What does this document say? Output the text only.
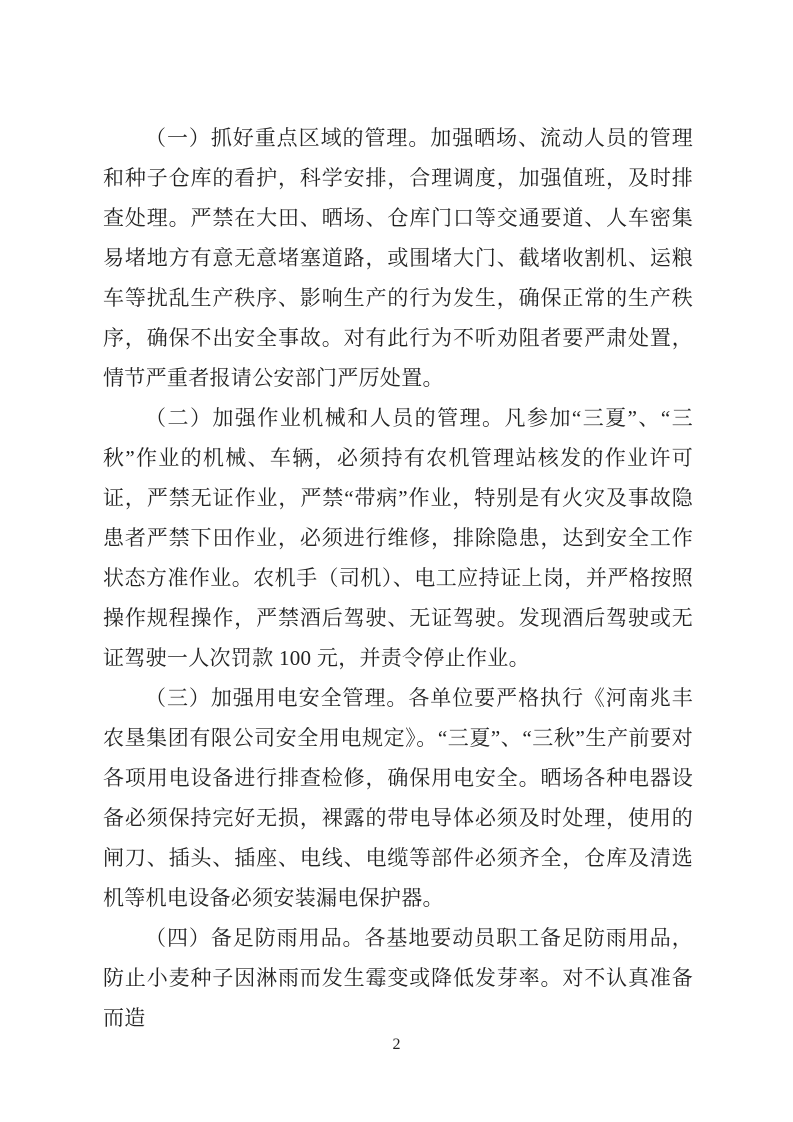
（一）抓好重点区域的管理。加强晒场、流动人员的管理和种子仓库的看护，科学安排，合理调度，加强值班，及时排查处理。严禁在大田、晒场、仓库门口等交通要道、人车密集易堵地方有意无意堵塞道路，或围堵大门、截堵收割机、运粮车等扰乱生产秩序、影响生产的行为发生，确保正常的生产秩序，确保不出安全事故。对有此行为不听劝阻者要严肃处置，情节严重者报请公安部门严厉处置。

（二）加强作业机械和人员的管理。凡参加“三夏”、“三秋”作业的机械、车辆，必须持有农机管理站核发的作业许可证，严禁无证作业，严禁“带病”作业，特别是有火灾及事故隐患者严禁下田作业，必须进行维修，排除隐患，达到安全工作状态方准作业。农机手（司机）、电工应持证上岗，并严格按照操作规程操作，严禁酒后驾驶、无证驾驶。发现酒后驾驶或无证驾驶一人次罚款 100 元，并责令停止作业。

（三）加强用电安全管理。各单位要严格执行《河南兆丰农垦集团有限公司安全用电规定》。“三夏”、“三秋”生产前要对各项用电设备进行排查检修，确保用电安全。晒场各种电器设备必须保持完好无损，裸露的带电导体必须及时处理，使用的闸刀、插头、插座、电线、电缆等部件必须齐全，仓库及清选机等机电设备必须安装漏电保护器。

（四）备足防雨用品。各基地要动员职工备足防雨用品，防止小麦种子因淋雨而发生霉变或降低发芽率。对不认真准备而造

2
